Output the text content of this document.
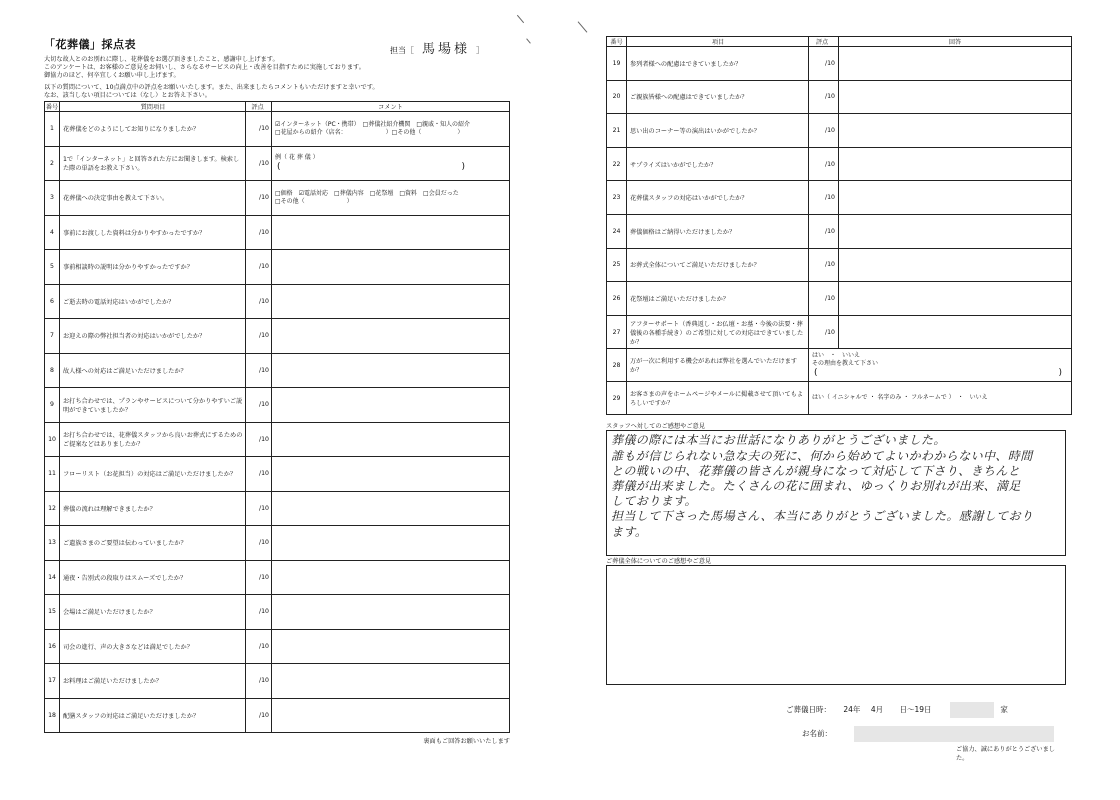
「花葬儀」採点表	担当［ 馬場様 ］
大切な故人とのお別れに際し、花葬儀をお選び頂きましたこと、感謝申し上げます。
このアンケートは、お客様のご意見をお伺いし、さらなるサービスの向上・改善を目指すために実施しております。
御協力のほど、何卒宜しくお願い申し上げます。
以下の質問について、10点満点中の評点をお願いいたします。また、出来ましたらコメントもいただけますと幸いです。
なお、該当しない項目については（なし）とお答え下さい。
番号	質問項目	評点	コメント
1	花葬儀をどのようにしてお知りになりましたか？	/10	☑インターネット（PC・携帯）　□葬儀社紹介機関　□親戚・知人の紹介
□花屋からの紹介（店名：　　　　　　　）□その他（　　　　　　）

2	1で「インターネット」と回答された方にお聞きします。検索した際の単語をお教え下さい。	/10	例（ 花 葬 儀 ）
( )

3	花葬儀への決定事由を教えて下さい。	/10	□価格　☑電話対応　□葬儀内容　□花祭壇　□資料　□会員だった
□その他（　　　　　　　）

4	事前にお渡しした資料は分かりやすかったですか？	/10	
5	事前相談時の説明は分かりやすかったですか？	/10	
6	ご逝去時の電話対応はいかがでしたか？	/10	
7	お迎えの際の弊社担当者の対応はいかがでしたか？	/10	
8	故人様への対応はご満足いただけましたか？	/10	
9	お打ち合わせでは、プランやサービスについて分かりやすいご説明ができていましたか？	/10	
10	お打ち合わせでは、花葬儀スタッフから良いお葬式にするためのご提案などはありましたか？	/10	
11	フローリスト（お花担当）の対応はご満足いただけましたか？	/10	
12	葬儀の流れは理解できましたか？	/10	
13	ご遺族さまのご要望は伝わっていましたか？	/10	
14	通夜・告別式の段取りはスムーズでしたか？	/10	
15	会場はご満足いただけましたか？	/10	
16	司会の進行、声の大きさなどは満足でしたか？	/10	
17	お料理はご満足いただけましたか？	/10	
18	配膳スタッフの対応はご満足いただけましたか？	/10	
裏面もご回答お願いいたします
番号	項目	評点	回答
19	参列者様への配慮はできていましたか？	/10	
20	ご親族皆様への配慮はできていましたか？	/10	
21	思い出のコーナー等の演出はいかがでしたか？	/10	
22	サプライズはいかがでしたか？	/10	
23	花葬儀スタッフの対応はいかがでしたか？	/10	
24	葬儀価格はご納得いただけましたか？	/10	
25	お葬式全体についてご満足いただけましたか？	/10	
26	花祭壇はご満足いただけましたか？	/10	
27	アフターサポート（香典返し・お仏壇・お墓・今後の法要・葬儀後の各種手続き）のご希望に対しての対応はできていましたか？	/10	
28	万が一次に利用する機会があれば弊社を選んでいただけますか？	はい　・　いいえ
その理由を教えて下さい
( )	

29	お客さまの声をホームページやメールに掲載させて頂いてもよろしいですか？	はい（ イニシャルで ・ 名字のみ ・ フルネームで ）　・　いいえ	
スタッフへ対してのご感想やご意見
葬儀の際には本当にお世話になりありがとうございました。
誰もが信じられない急な夫の死に、何から始めてよいかわからない中、時間
との戦いの中、花葬儀の皆さんが親身になって対応して下さり、きちんと
葬儀が出来ました。たくさんの花に囲まれ、ゆっくりお別れが出来、満足
しております。
担当して下さった馬場さん、本当にありがとうございました。感謝しており
ます。
ご葬儀全体についてのご感想やご意見
ご葬儀日時： 24年 4月 日～19日	家
お名前：
ご協力、誠にありがとうございました。
